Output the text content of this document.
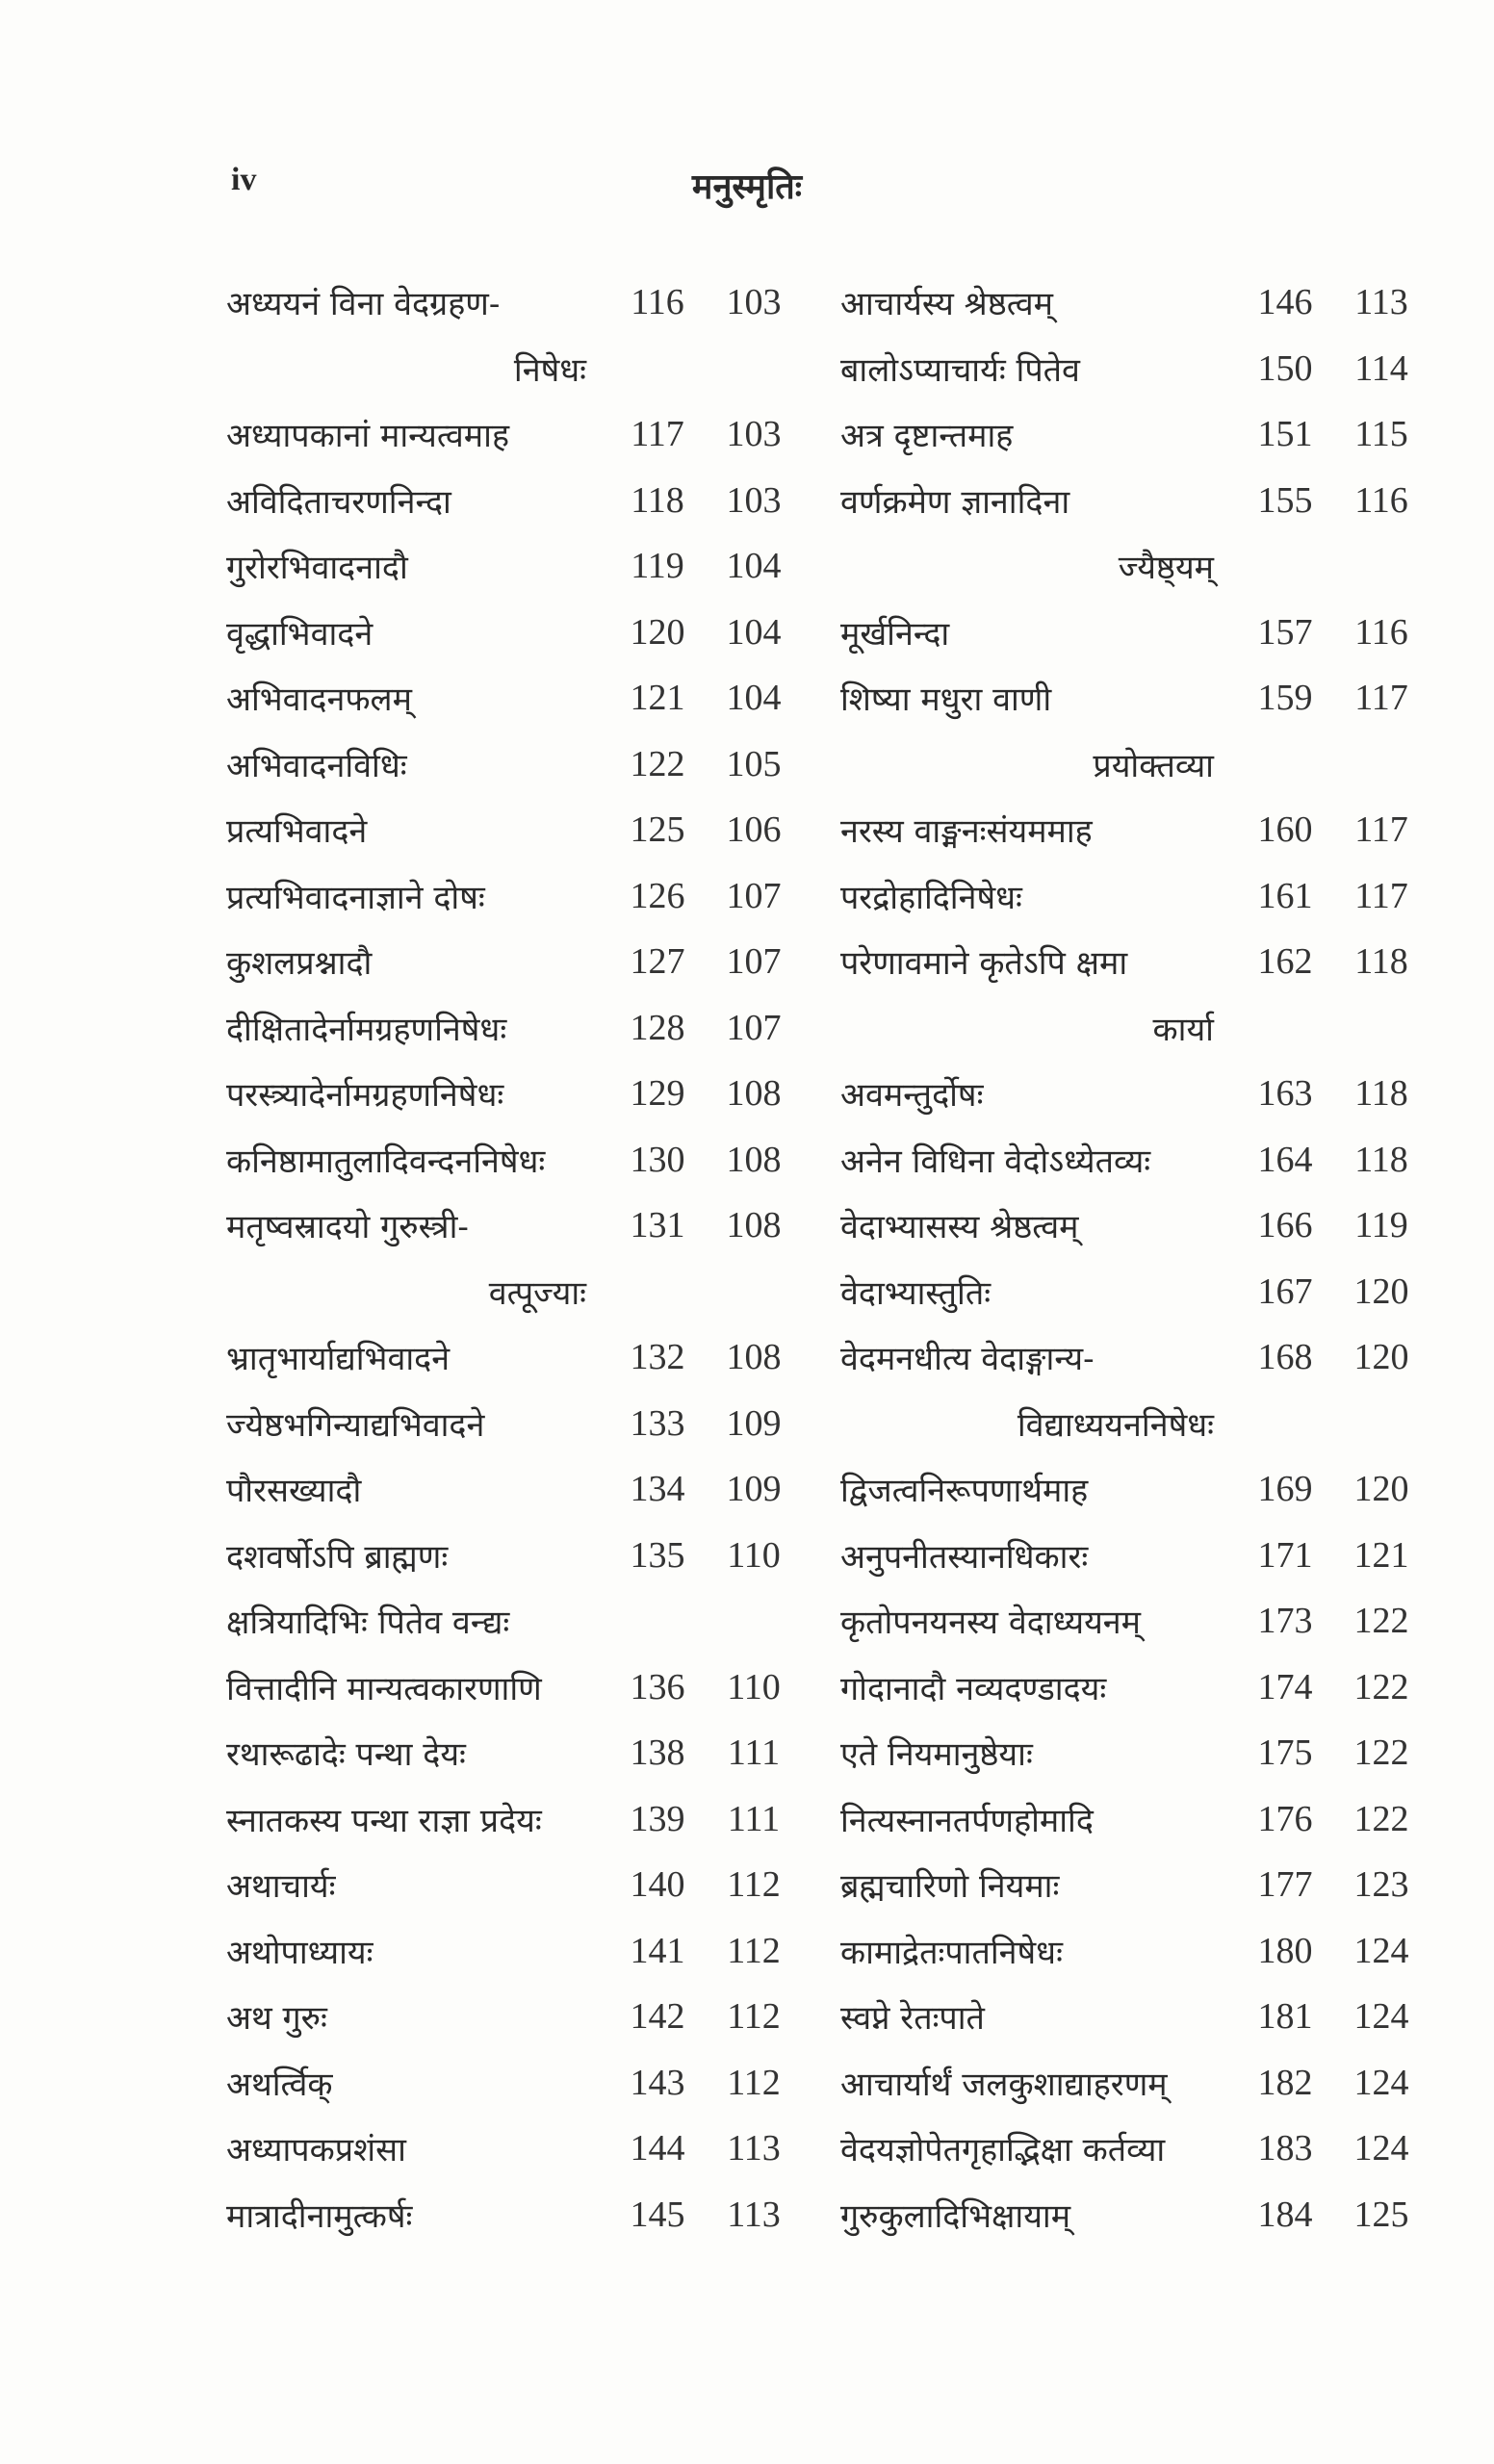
iv	मनुस्मृतिः
अध्ययनं विना वेदग्रहण-	116	103
निषेधः
अध्यापकानां मान्यत्वमाह	117	103
अविदिताचरणनिन्दा	118	103
गुरोरभिवादनादौ	119	104
वृद्धाभिवादने	120	104
अभिवादनफलम्	121	104
अभिवादनविधिः	122	105
प्रत्यभिवादने	125	106
प्रत्यभिवादनाज्ञाने दोषः	126	107
कुशलप्रश्नादौ	127	107
दीक्षितादेर्नामग्रहणनिषेधः	128	107
परस्त्र्यादेर्नामग्रहणनिषेधः	129	108
कनिष्ठामातुलादिवन्दननिषेधः	130	108
मतृष्वस्रादयो गुरुस्त्री-	131	108
वत्पूज्याः
भ्रातृभार्याद्यभिवादने	132	108
ज्येष्ठभगिन्याद्यभिवादने	133	109
पौरसख्यादौ	134	109
दशवर्षोऽपि ब्राह्मणः	135	110
क्षत्रियादिभिः पितेव वन्द्यः
वित्तादीनि मान्यत्वकारणाणि	136	110
रथारूढादेः पन्था देयः	138	111
स्नातकस्य पन्था राज्ञा प्रदेयः	139	111
अथाचार्यः	140	112
अथोपाध्यायः	141	112
अथ गुरुः	142	112
अथर्त्विक्	143	112
अध्यापकप्रशंसा	144	113
मात्रादीनामुत्कर्षः	145	113
आचार्यस्य श्रेष्ठत्वम्	146	113
बालोऽप्याचार्यः पितेव	150	114
अत्र दृष्टान्तमाह	151	115
वर्णक्रमेण ज्ञानादिना	155	116
ज्यैष्ठ्यम्
मूर्खनिन्दा	157	116
शिष्या मधुरा वाणी	159	117
प्रयोक्तव्या
नरस्य वाङ्मनःसंयममाह	160	117
परद्रोहादिनिषेधः	161	117
परेणावमाने कृतेऽपि क्षमा	162	118
कार्या
अवमन्तुर्दोषः	163	118
अनेन विधिना वेदोऽध्येतव्यः	164	118
वेदाभ्यासस्य श्रेष्ठत्वम्	166	119
वेदाभ्यास्तुतिः	167	120
वेदमनधीत्य वेदाङ्गान्य-	168	120
विद्याध्ययननिषेधः
द्विजत्वनिरूपणार्थमाह	169	120
अनुपनीतस्यानधिकारः	171	121
कृतोपनयनस्य वेदाध्ययनम्	173	122
गोदानादौ नव्यदण्डादयः	174	122
एते नियमानुष्ठेयाः	175	122
नित्यस्नानतर्पणहोमादि	176	122
ब्रह्मचारिणो नियमाः	177	123
कामाद्रेतःपातनिषेधः	180	124
स्वप्ने रेतःपाते	181	124
आचार्यार्थं जलकुशाद्याहरणम्	182	124
वेदयज्ञोपेतगृहाद्भिक्षा कर्तव्या	183	124
गुरुकुलादिभिक्षायाम्	184	125
